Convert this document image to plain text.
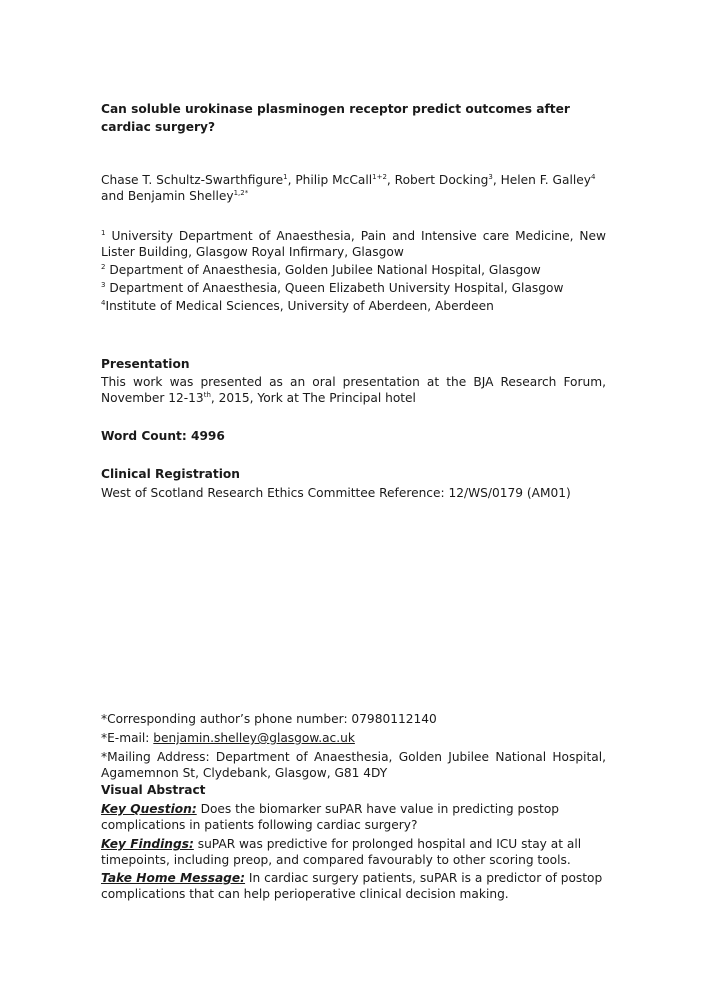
Can soluble urokinase plasminogen receptor predict outcomes after cardiac surgery?

Chase T. Schultz-Swarthfigure$^1$, Philip McCall$^{1+2}$, Robert Docking$^3$, Helen F. Galley$^4$
and Benjamin Shelley$^{1,2*}$

$^1$ University Department of Anaesthesia, Pain and Intensive care Medicine, New Lister Building, Glasgow Royal Infirmary, Glasgow

$^2$ Department of Anaesthesia, Golden Jubilee National Hospital, Glasgow

$^3$ Department of Anaesthesia, Queen Elizabeth University Hospital, Glasgow

$^4$Institute of Medical Sciences, University of Aberdeen, Aberdeen

Presentation

This work was presented as an oral presentation at the BJA Research Forum, November 12-13th, 2015, York at The Principal hotel

Word Count: 4996

Clinical Registration

West of Scotland Research Ethics Committee Reference: 12/WS/0179 (AM01)

*Corresponding author’s phone number: 07980112140

*E-mail: benjamin.shelley@glasgow.ac.uk

*Mailing Address: Department of Anaesthesia, Golden Jubilee National Hospital, Agamemnon St, Clydebank, Glasgow, G81 4DY

Visual Abstract

Key Question: Does the biomarker suPAR have value in predicting postop
complications in patients following cardiac surgery?

Key Findings: suPAR was predictive for prolonged hospital and ICU stay at all
timepoints, including preop, and compared favourably to other scoring tools.

Take Home Message: In cardiac surgery patients, suPAR is a predictor of postop
complications that can help perioperative clinical decision making.
